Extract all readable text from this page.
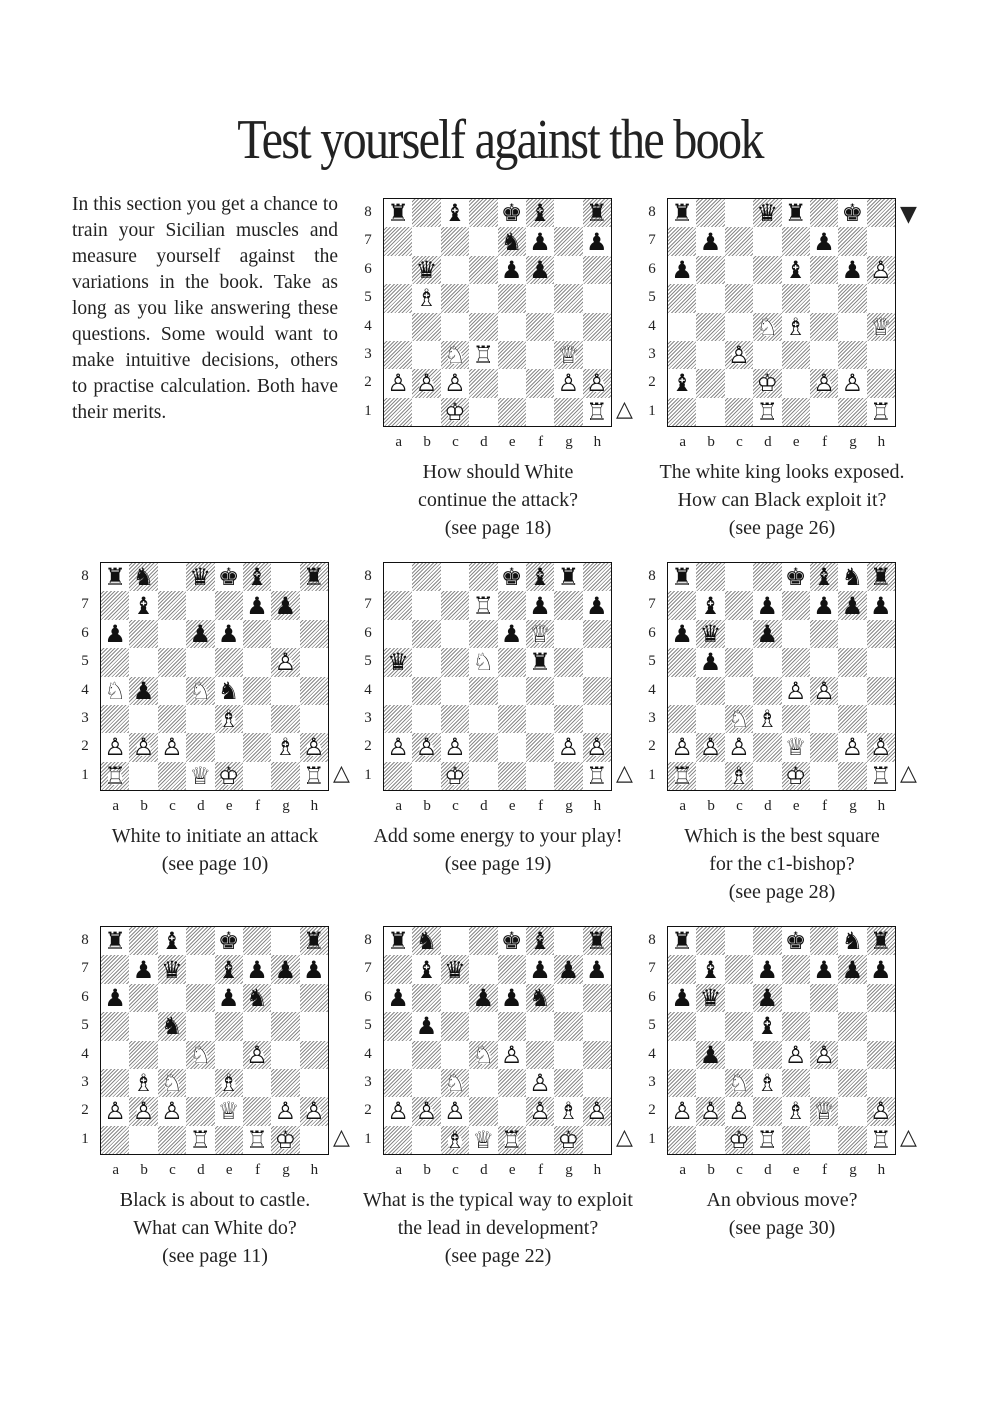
Test yourself against the book
In this section you get a chance to train your Sicilian muscles and measure yourself against the variations in the book. Take as long as you like answering these questions. Some would want to make intuitive decisions, others to practise calculation. Both have their merits.
♜ ♝ ♚ ♝ ♜
♞ ♟ ♟
♛	♟ ♟
♗
♘ ♖	♕
♙ ♙ ♙	♙ ♙
♔	♖
8
7
6
5
4
3
2
1
a	b	c	d	e	f	g	h
△
How should White
continue the attack?
(see page 18)
♜	♛ ♜ ♚
♟	♟
♟	♝ ♟ ♙
♘ ♗	♕
♙
♝	♔ ♙ ♙
♖	♖
8
7
6
5
4
3
2
1
a	b	c	d	e	f	g	h
▼
The white king looks exposed.
How can Black exploit it?
(see page 26)
♜ ♞ ♛ ♚ ♝ ♜
♝	♟ ♟
♟	♟ ♟
♙
♘ ♟ ♘ ♞
♗
♙ ♙ ♙	♗ ♙
♖	♕ ♔	♖
8
7
6
5
4
3
2
1
a	b	c	d	e	f	g	h
△
White to initiate an attack
(see page 10)
♚ ♝ ♜
♖ ♟ ♟
♟ ♕
♛	♘ ♜
♙ ♙ ♙	♙ ♙
♔	♖
8
7
6
5
4
3
2
1
a	b	c	d	e	f	g	h
△
Add some energy to your play!
(see page 19)
♜	♚ ♝ ♞ ♜
♝ ♟ ♟ ♟ ♟
♟ ♛ ♟
♟
♙ ♙
♘ ♗
♙ ♙ ♙ ♕ ♙ ♙
♖ ♗ ♔	♖
8
7
6
5
4
3
2
1
a	b	c	d	e	f	g	h
△
Which is the best square
for the c1-bishop?
(see page 28)
♜ ♝ ♚	♜
♟ ♛ ♝ ♟ ♟ ♟
♟	♟ ♞
♞
♘ ♙
♗ ♘ ♗
♙ ♙ ♙ ♕ ♙ ♙
♖ ♖ ♔
8
7
6
5
4
3
2
1
a	b	c	d	e	f	g	h
△
Black is about to castle.
What can White do?
(see page 11)
♜ ♞	♚ ♝ ♜
♝ ♛	♟ ♟ ♟
♟	♟ ♟ ♞
♟
♘ ♙
♘	♙
♙ ♙ ♙	♙ ♗ ♙
♗ ♕ ♖ ♔
8
7
6
5
4
3
2
1
a	b	c	d	e	f	g	h
△
What is the typical way to exploit
the lead in development?
(see page 22)
♜	♚ ♞ ♜
♝ ♟ ♟ ♟ ♟
♟ ♛ ♟
♝
♟	♙ ♙
♘ ♗
♙ ♙ ♙ ♗ ♕ ♙
♔ ♖	♖
8
7
6
5
4
3
2
1
a	b	c	d	e	f	g	h
△
An obvious move?
(see page 30)
